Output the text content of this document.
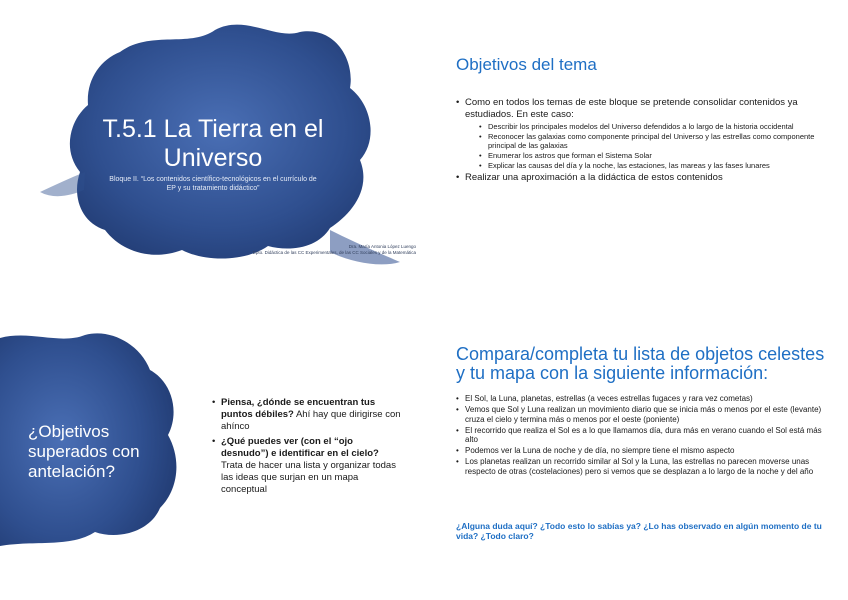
T.5.1 La Tierra en el Universo
Bloque II. “Los contenidos científico-tecnológicos en el currículo de EP y su tratamiento didáctico”
Dra. María Antonia López Luengo
Dpto. Didáctica de las CC Experimentales, de las CC Sociales y de la Matemática
Objetivos del tema
• Como en todos los temas de este bloque se pretende consolidar contenidos ya estudiados. En este caso:
• Describir los principales modelos del Universo defendidos a lo largo de la historia occidental
• Reconocer las galaxias como componente principal del Universo y las estrellas como componente principal de las galaxias
• Enumerar los astros que forman el Sistema Solar
• Explicar las causas del día y la noche, las estaciones, las mareas y las fases lunares
• Realizar una aproximación a la didáctica de estos contenidos
¿Objetivos superados con antelación?
• Piensa, ¿dónde se encuentran tus puntos débiles? Ahí hay que dirigirse con ahínco
• ¿Qué puedes ver (con el “ojo desnudo”) e identificar en el cielo? Trata de hacer una lista y organizar todas las ideas que surjan en un mapa conceptual
Compara/completa tu lista de objetos celestes y tu mapa con la siguiente información:
• El Sol, la Luna, planetas, estrellas (a veces estrellas fugaces y rara vez cometas)
• Vemos que Sol y Luna realizan un movimiento diario que se inicia más o menos por el este (levante) cruza el cielo y termina más o menos por el oeste (poniente)
• El recorrido que realiza el Sol es a lo que llamamos día, dura más en verano cuando el Sol está más alto
• Podemos ver la Luna de noche y de día, no siempre tiene el mismo aspecto
• Los planetas realizan un recorrido similar al Sol y la Luna, las estrellas no parecen moverse unas respecto de otras (costelaciones) pero si vemos que se desplazan a lo largo de la noche y del año
¿Alguna duda aquí? ¿Todo esto lo sabías ya? ¿Lo has observado en algún momento de tu vida? ¿Todo claro?
